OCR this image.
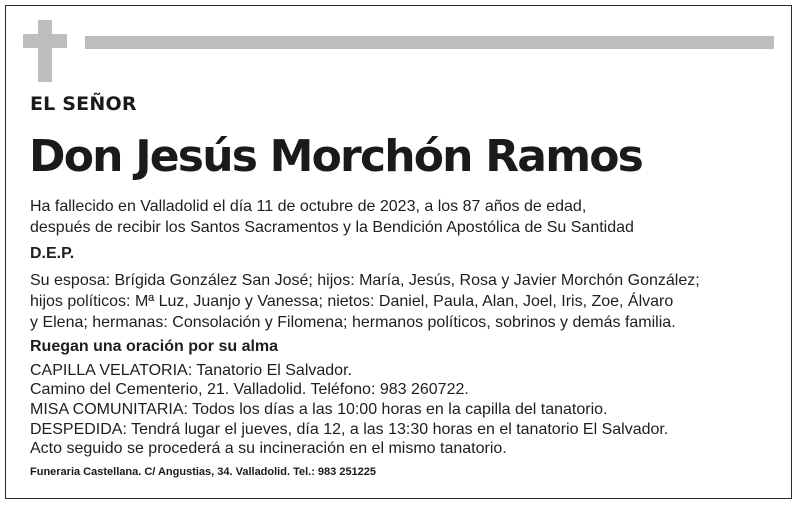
EL SEÑOR
Don Jesús Morchón Ramos
Ha fallecido en Valladolid el día 11 de octubre de 2023, a los 87 años de edad,
después de recibir los Santos Sacramentos y la Bendición Apostólica de Su Santidad
D.E.P.
Su esposa: Brígida González San José; hijos: María, Jesús, Rosa y Javier Morchón González;
hijos políticos: Mª Luz, Juanjo y Vanessa; nietos: Daniel, Paula, Alan, Joel, Iris, Zoe, Álvaro
y Elena; hermanas: Consolación y Filomena; hermanos políticos, sobrinos y demás familia.
Ruegan una oración por su alma
CAPILLA VELATORIA: Tanatorio El Salvador.
Camino del Cementerio, 21. Valladolid. Teléfono: 983 260722.
MISA COMUNITARIA: Todos los días a las 10:00 horas en la capilla del tanatorio.
DESPEDIDA: Tendrá lugar el jueves, día 12, a las 13:30 horas en el tanatorio El Salvador.
Acto seguido se procederá a su incineración en el mismo tanatorio.
Funeraria Castellana. C/ Angustias, 34. Valladolid. Tel.: 983 251225
